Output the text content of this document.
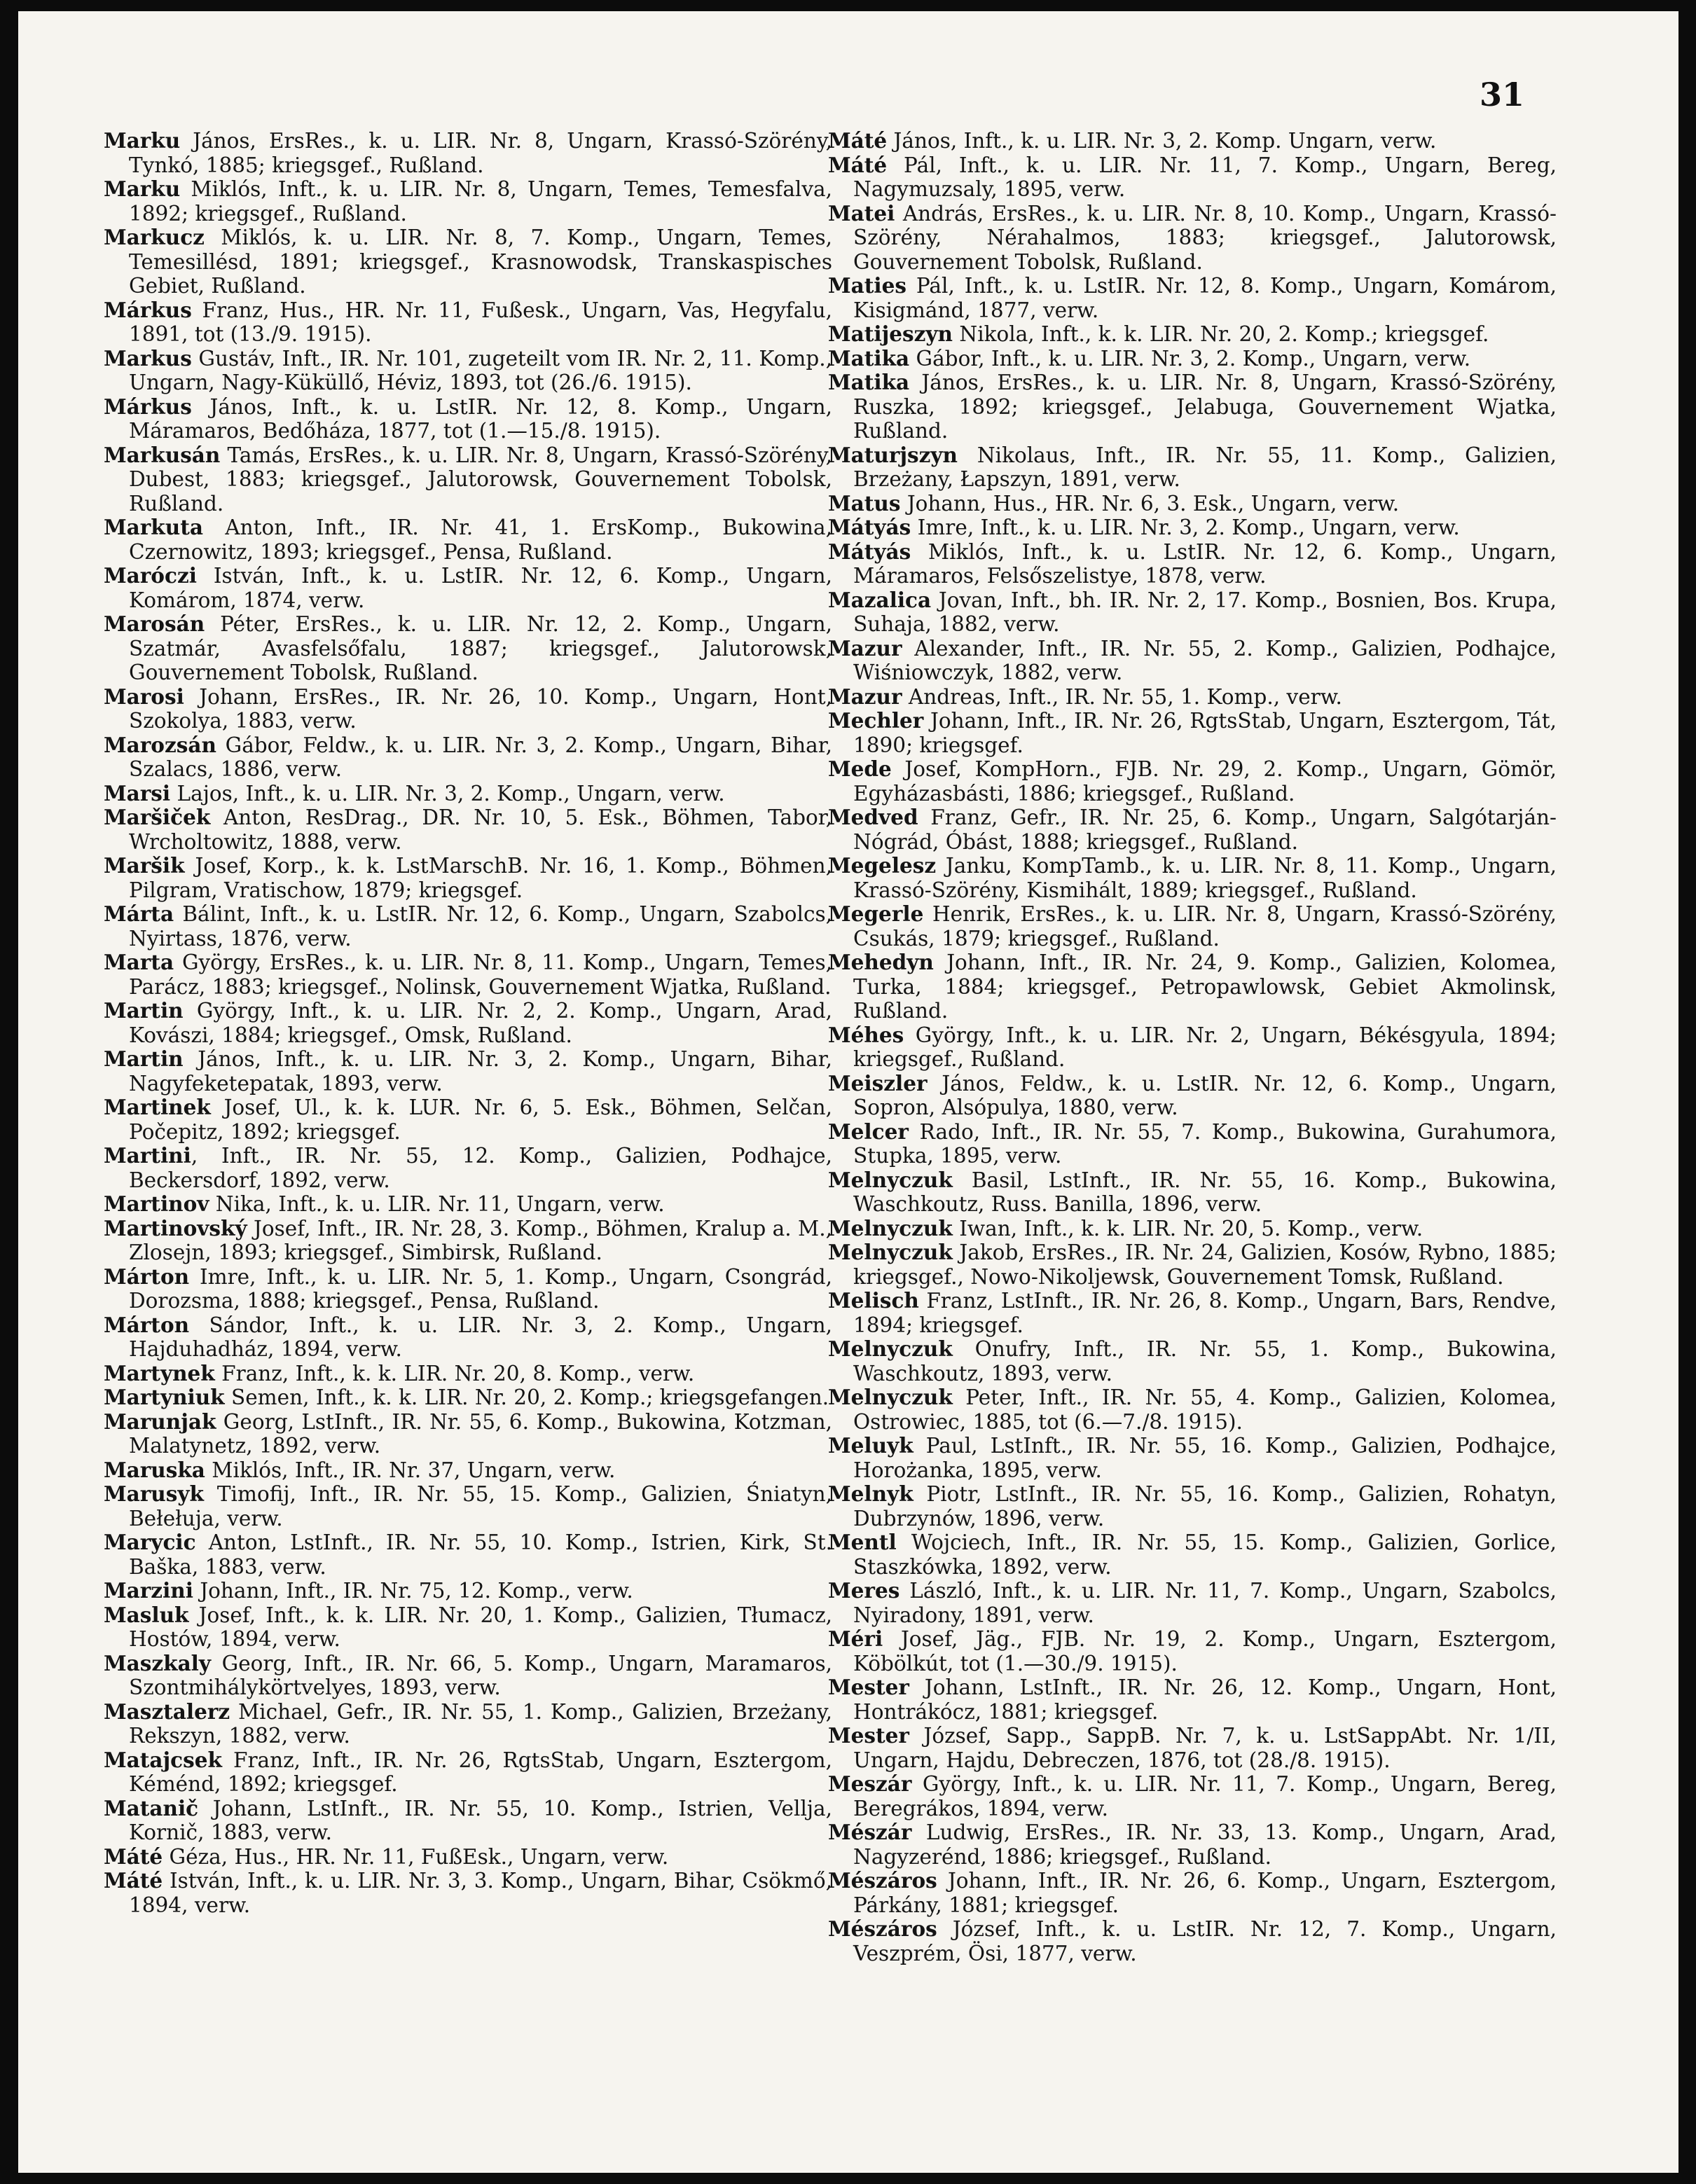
31

Marku János, ErsRes., k. u. LIR. Nr. 8, Ungarn, Krassó-Szörény, Tynkó, 1885; kriegsgef., Rußland.

Marku Miklós, Inft., k. u. LIR. Nr. 8, Ungarn, Temes, Temesfalva, 1892; kriegsgef., Rußland.

Markucz Miklós, k. u. LIR. Nr. 8, 7. Komp., Ungarn, Temes, Temesillésd, 1891; kriegsgef., Krasnowodsk, Transkaspisches Gebiet, Rußland.

Márkus Franz, Hus., HR. Nr. 11, Fußesk., Ungarn, Vas, Hegyfalu, 1891, tot (13./9. 1915).

Markus Gustáv, Inft., IR. Nr. 101, zugeteilt vom IR. Nr. 2, 11. Komp., Ungarn, Nagy-Küküllő, Héviz, 1893, tot (26./6. 1915).

Márkus János, Inft., k. u. LstIR. Nr. 12, 8. Komp., Ungarn, Máramaros, Bedőháza, 1877, tot (1.—15./8. 1915).

Markusán Tamás, ErsRes., k. u. LIR. Nr. 8, Ungarn, Krassó-Szörény, Dubest, 1883; kriegsgef., Jalutorowsk, Gouvernement Tobolsk, Rußland.

Markuta Anton, Inft., IR. Nr. 41, 1. ErsKomp., Bukowina, Czernowitz, 1893; kriegsgef., Pensa, Rußland.

Maróczi István, Inft., k. u. LstIR. Nr. 12, 6. Komp., Ungarn, Komárom, 1874, verw.

Marosán Péter, ErsRes., k. u. LIR. Nr. 12, 2. Komp., Ungarn, Szatmár, Avasfelsőfalu, 1887; kriegsgef., Jalutorowsk, Gouvernement Tobolsk, Rußland.

Marosi Johann, ErsRes., IR. Nr. 26, 10. Komp., Ungarn, Hont, Szokolya, 1883, verw.

Marozsán Gábor, Feldw., k. u. LIR. Nr. 3, 2. Komp., Ungarn, Bihar, Szalacs, 1886, verw.

Marsi Lajos, Inft., k. u. LIR. Nr. 3, 2. Komp., Ungarn, verw.

Maršiček Anton, ResDrag., DR. Nr. 10, 5. Esk., Böhmen, Tabor, Wrcholtowitz, 1888, verw.

Maršik Josef, Korp., k. k. LstMarschB. Nr. 16, 1. Komp., Böhmen, Pilgram, Vratischow, 1879; kriegsgef.

Márta Bálint, Inft., k. u. LstIR. Nr. 12, 6. Komp., Ungarn, Szabolcs, Nyirtass, 1876, verw.

Marta György, ErsRes., k. u. LIR. Nr. 8, 11. Komp., Ungarn, Temes, Parácz, 1883; kriegsgef., Nolinsk, Gouvernement Wjatka, Rußland.

Martin György, Inft., k. u. LIR. Nr. 2, 2. Komp., Ungarn, Arad, Kovászi, 1884; kriegsgef., Omsk, Rußland.

Martin János, Inft., k. u. LIR. Nr. 3, 2. Komp., Ungarn, Bihar, Nagyfeketepatak, 1893, verw.

Martinek Josef, Ul., k. k. LUR. Nr. 6, 5. Esk., Böhmen, Selčan, Počepitz, 1892; kriegsgef.

Martini, Inft., IR. Nr. 55, 12. Komp., Galizien, Podhajce, Beckersdorf, 1892, verw.

Martinov Nika, Inft., k. u. LIR. Nr. 11, Ungarn, verw.

Martinovský Josef, Inft., IR. Nr. 28, 3. Komp., Böhmen, Kralup a. M., Zlosejn, 1893; kriegsgef., Simbirsk, Rußland.

Márton Imre, Inft., k. u. LIR. Nr. 5, 1. Komp., Ungarn, Csongrád, Dorozsma, 1888; kriegsgef., Pensa, Rußland.

Márton Sándor, Inft., k. u. LIR. Nr. 3, 2. Komp., Ungarn, Hajduhadház, 1894, verw.

Martynek Franz, Inft., k. k. LIR. Nr. 20, 8. Komp., verw.

Martyniuk Semen, Inft., k. k. LIR. Nr. 20, 2. Komp.; kriegsgefangen.

Marunjak Georg, LstInft., IR. Nr. 55, 6. Komp., Bukowina, Kotzman, Malatynetz, 1892, verw.

Maruska Miklós, Inft., IR. Nr. 37, Ungarn, verw.

Marusyk Timofij, Inft., IR. Nr. 55, 15. Komp., Galizien, Śniatyn, Bełełuja, verw.

Marycic Anton, LstInft., IR. Nr. 55, 10. Komp., Istrien, Kirk, St. Baška, 1883, verw.

Marzini Johann, Inft., IR. Nr. 75, 12. Komp., verw.

Masluk Josef, Inft., k. k. LIR. Nr. 20, 1. Komp., Galizien, Tłumacz, Hostów, 1894, verw.

Maszkaly Georg, Inft., IR. Nr. 66, 5. Komp., Ungarn, Maramaros, Szontmihálykörtvelyes, 1893, verw.

Masztalerz Michael, Gefr., IR. Nr. 55, 1. Komp., Galizien, Brzeżany, Rekszyn, 1882, verw.

Matajcsek Franz, Inft., IR. Nr. 26, RgtsStab, Ungarn, Esztergom, Kéménd, 1892; kriegsgef.

Matanič Johann, LstInft., IR. Nr. 55, 10. Komp., Istrien, Vellja, Kornič, 1883, verw.

Máté Géza, Hus., HR. Nr. 11, FußEsk., Ungarn, verw.

Máté István, Inft., k. u. LIR. Nr. 3, 3. Komp., Ungarn, Bihar, Csökmő, 1894, verw.

Máté János, Inft., k. u. LIR. Nr. 3, 2. Komp. Ungarn, verw.

Máté Pál, Inft., k. u. LIR. Nr. 11, 7. Komp., Ungarn, Bereg, Nagymuzsaly, 1895, verw.

Matei András, ErsRes., k. u. LIR. Nr. 8, 10. Komp., Ungarn, Krassó-Szörény, Nérahalmos, 1883; kriegsgef., Jalutorowsk, Gouvernement Tobolsk, Rußland.

Maties Pál, Inft., k. u. LstIR. Nr. 12, 8. Komp., Ungarn, Komárom, Kisigmánd, 1877, verw.

Matijeszyn Nikola, Inft., k. k. LIR. Nr. 20, 2. Komp.; kriegsgef.

Matika Gábor, Inft., k. u. LIR. Nr. 3, 2. Komp., Ungarn, verw.

Matika János, ErsRes., k. u. LIR. Nr. 8, Ungarn, Krassó-Szörény, Ruszka, 1892; kriegsgef., Jelabuga, Gouvernement Wjatka, Rußland.

Maturjszyn Nikolaus, Inft., IR. Nr. 55, 11. Komp., Galizien, Brzeżany, Łapszyn, 1891, verw.

Matus Johann, Hus., HR. Nr. 6, 3. Esk., Ungarn, verw.

Mátyás Imre, Inft., k. u. LIR. Nr. 3, 2. Komp., Ungarn, verw.

Mátyás Miklós, Inft., k. u. LstIR. Nr. 12, 6. Komp., Ungarn, Máramaros, Felsőszelistye, 1878, verw.

Mazalica Jovan, Inft., bh. IR. Nr. 2, 17. Komp., Bosnien, Bos. Krupa, Suhaja, 1882, verw.

Mazur Alexander, Inft., IR. Nr. 55, 2. Komp., Galizien, Podhajce, Wiśniowczyk, 1882, verw.

Mazur Andreas, Inft., IR. Nr. 55, 1. Komp., verw.

Mechler Johann, Inft., IR. Nr. 26, RgtsStab, Ungarn, Esztergom, Tát, 1890; kriegsgef.

Mede Josef, KompHorn., FJB. Nr. 29, 2. Komp., Ungarn, Gömör, Egyházasbásti, 1886; kriegsgef., Rußland.

Medved Franz, Gefr., IR. Nr. 25, 6. Komp., Ungarn, Salgótarján-Nógrád, Óbást, 1888; kriegsgef., Rußland.

Megelesz Janku, KompTamb., k. u. LIR. Nr. 8, 11. Komp., Ungarn, Krassó-Szörény, Kismihált, 1889; kriegsgef., Rußland.

Megerle Henrik, ErsRes., k. u. LIR. Nr. 8, Ungarn, Krassó-Szörény, Csukás, 1879; kriegsgef., Rußland.

Mehedyn Johann, Inft., IR. Nr. 24, 9. Komp., Galizien, Kolomea, Turka, 1884; kriegsgef., Petropawlowsk, Gebiet Akmolinsk, Rußland.

Méhes György, Inft., k. u. LIR. Nr. 2, Ungarn, Békésgyula, 1894; kriegsgef., Rußland.

Meiszler János, Feldw., k. u. LstIR. Nr. 12, 6. Komp., Ungarn, Sopron, Alsópulya, 1880, verw.

Melcer Rado, Inft., IR. Nr. 55, 7. Komp., Bukowina, Gurahumora, Stupka, 1895, verw.

Melnyczuk Basil, LstInft., IR. Nr. 55, 16. Komp., Bukowina, Waschkoutz, Russ. Banilla, 1896, verw.

Melnyczuk Iwan, Inft., k. k. LIR. Nr. 20, 5. Komp., verw.

Melnyczuk Jakob, ErsRes., IR. Nr. 24, Galizien, Kosów, Rybno, 1885; kriegsgef., Nowo-Nikoljewsk, Gouvernement Tomsk, Rußland.

Melisch Franz, LstInft., IR. Nr. 26, 8. Komp., Ungarn, Bars, Rendve, 1894; kriegsgef.

Melnyczuk Onufry, Inft., IR. Nr. 55, 1. Komp., Bukowina, Waschkoutz, 1893, verw.

Melnyczuk Peter, Inft., IR. Nr. 55, 4. Komp., Galizien, Kolomea, Ostrowiec, 1885, tot (6.—7./8. 1915).

Meluyk Paul, LstInft., IR. Nr. 55, 16. Komp., Galizien, Podhajce, Horożanka, 1895, verw.

Melnyk Piotr, LstInft., IR. Nr. 55, 16. Komp., Galizien, Rohatyn, Dubrzynów, 1896, verw.

Mentl Wojciech, Inft., IR. Nr. 55, 15. Komp., Galizien, Gorlice, Staszkówka, 1892, verw.

Meres László, Inft., k. u. LIR. Nr. 11, 7. Komp., Ungarn, Szabolcs, Nyiradony, 1891, verw.

Méri Josef, Jäg., FJB. Nr. 19, 2. Komp., Ungarn, Esztergom, Köbölkút, tot (1.—30./9. 1915).

Mester Johann, LstInft., IR. Nr. 26, 12. Komp., Ungarn, Hont, Hontrákócz, 1881; kriegsgef.

Mester József, Sapp., SappB. Nr. 7, k. u. LstSappAbt. Nr. 1/II, Ungarn, Hajdu, Debreczen, 1876, tot (28./8. 1915).

Meszár György, Inft., k. u. LIR. Nr. 11, 7. Komp., Ungarn, Bereg, Beregrákos, 1894, verw.

Mészár Ludwig, ErsRes., IR. Nr. 33, 13. Komp., Ungarn, Arad, Nagyzerénd, 1886; kriegsgef., Rußland.

Mészáros Johann, Inft., IR. Nr. 26, 6. Komp., Ungarn, Esztergom, Párkány, 1881; kriegsgef.

Mészáros József, Inft., k. u. LstIR. Nr. 12, 7. Komp., Ungarn, Veszprém, Ösi, 1877, verw.
